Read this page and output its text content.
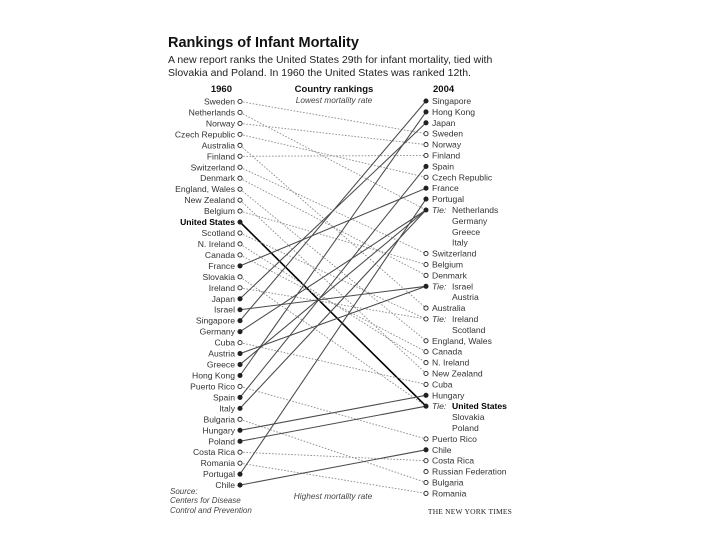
Rankings of Infant Mortality
A new report ranks the United States 29th for infant mortality, tied with
Slovakia and Poland. In 1960 the United States was ranked 12th.
1960	Country rankings	2004
Lowest mortality rate
Highest mortality rate
Sweden
Netherlands
Norway
Czech Republic
Australia
Finland
Switzerland
Denmark
England, Wales
New Zealand
Belgium
United States
Scotland
N. Ireland
Canada
France
Slovakia
Ireland
Japan
Israel
Singapore
Germany
Cuba
Austria
Greece
Hong Kong
Puerto Rico
Spain
Italy
Bulgaria
Hungary
Poland
Costa Rica
Romania
Portugal
Chile
Singapore
Hong Kong
Japan
Sweden
Norway
Finland
Spain
Czech Republic
France
Portugal
Tie: Netherlands
Germany
Greece
Italy
Switzerland
Belgium
Denmark
Tie: Israel
Austria
Australia
Tie: Ireland
Scotland
England, Wales
Canada
N. Ireland
New Zealand
Cuba
Hungary
Tie: United States
Slovakia
Poland
Puerto Rico
Chile
Costa Rica
Russian Federation
Bulgaria
Romania
Source:
Centers for Disease
Control and Prevention	THE NEW YORK TIMES
